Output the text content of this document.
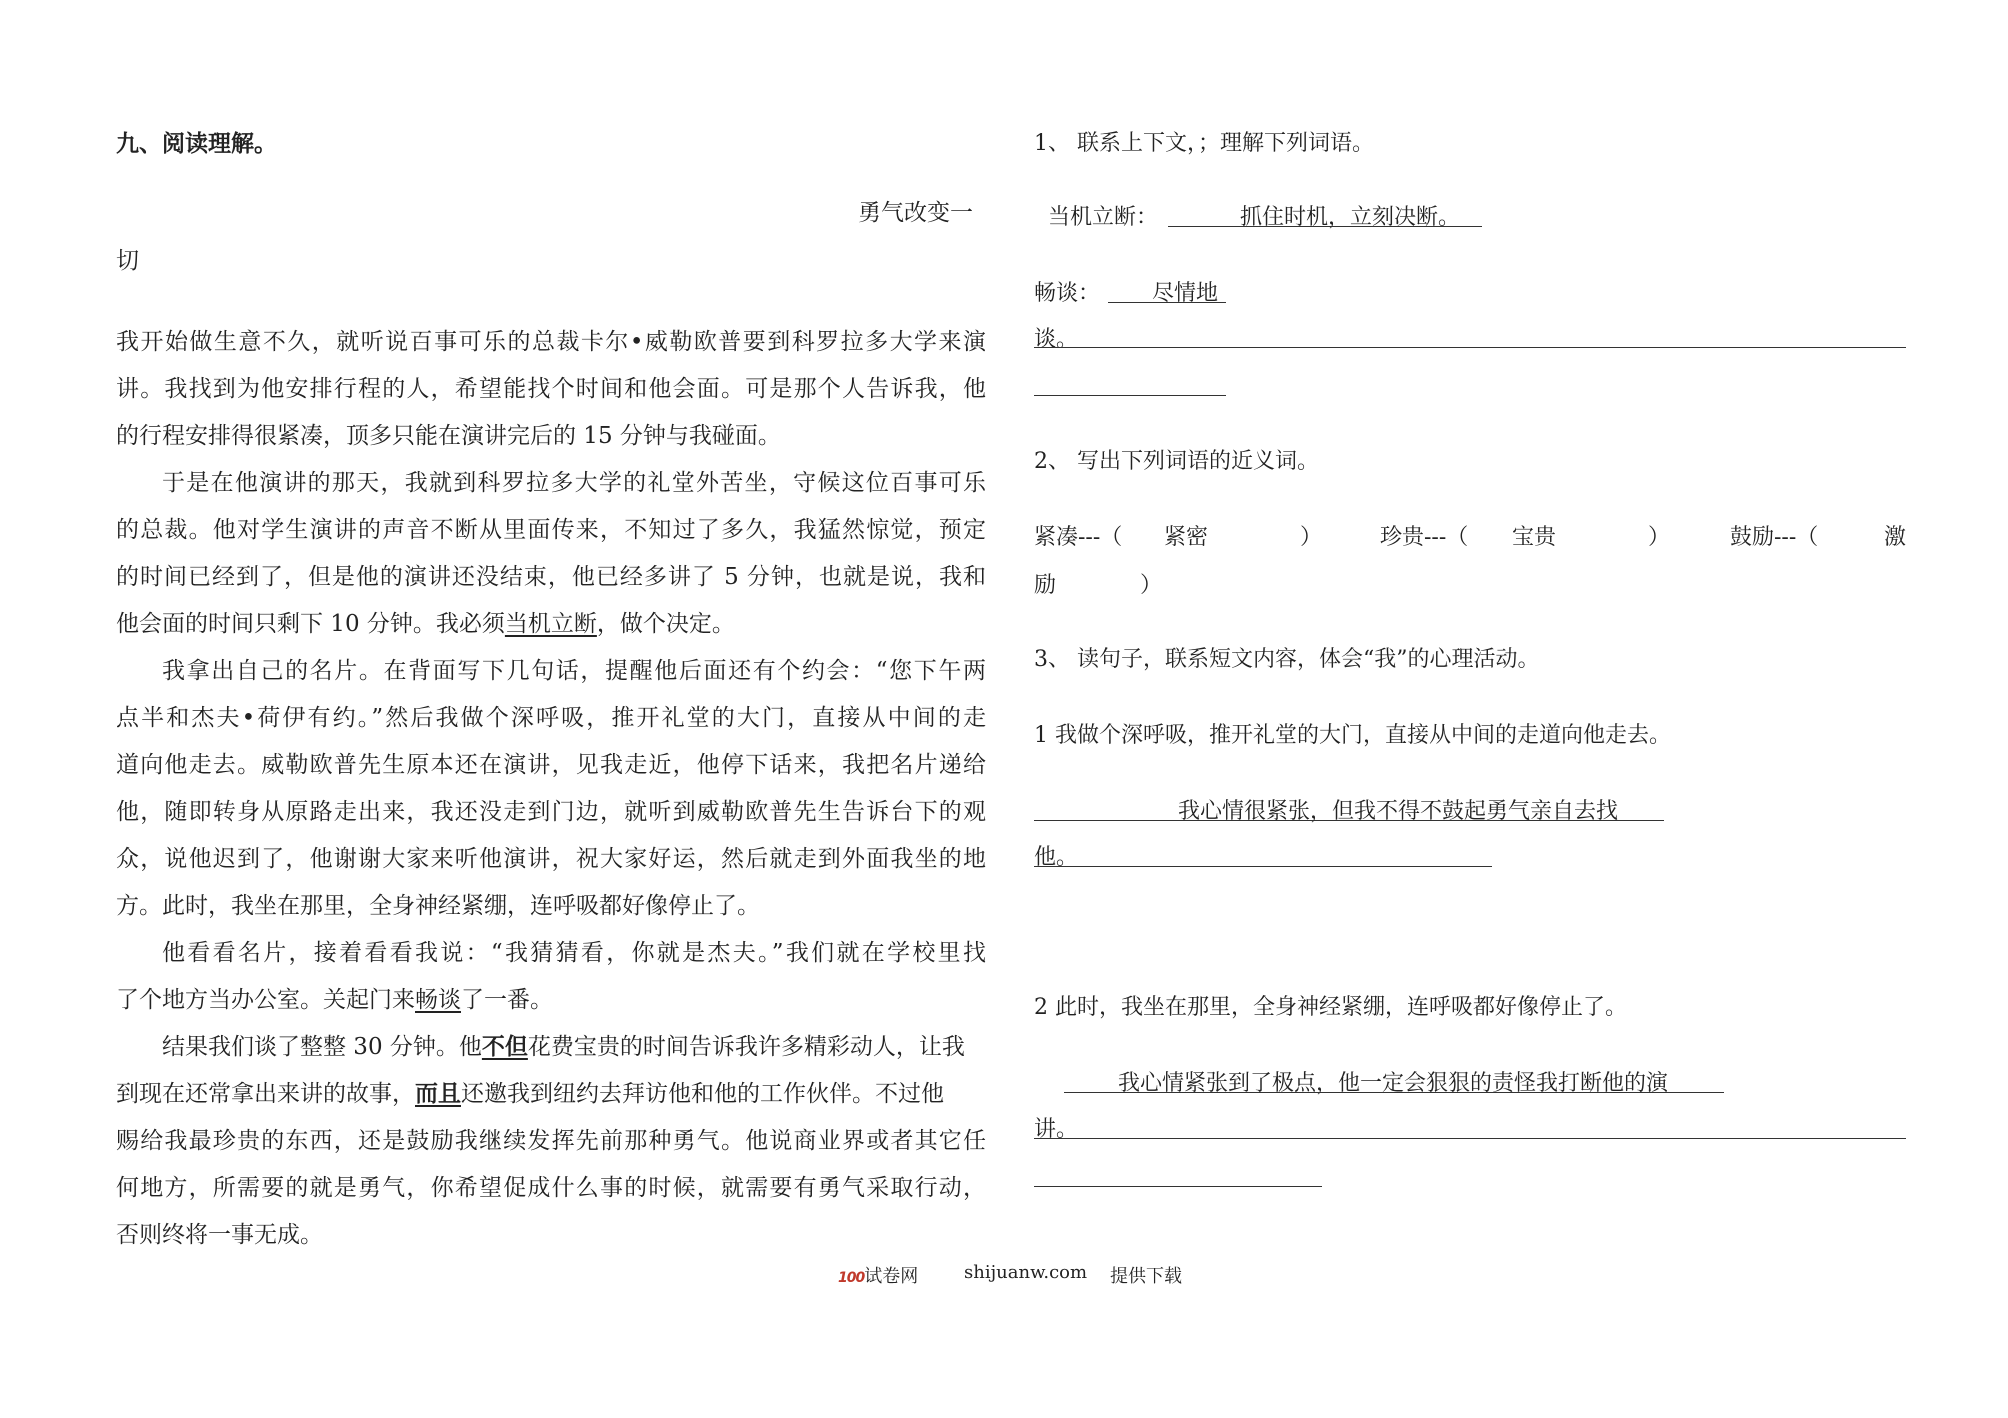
九、阅读理解。
勇气改变一
切
我开始做生意不久，就听说百事可乐的总裁卡尔•威勒欧普要到科罗拉多大学来演
讲。我找到为他安排行程的人，希望能找个时间和他会面。可是那个人告诉我，他
的行程安排得很紧凑，顶多只能在演讲完后的 15 分钟与我碰面。
于是在他演讲的那天，我就到科罗拉多大学的礼堂外苦坐，守候这位百事可乐
的总裁。他对学生演讲的声音不断从里面传来，不知过了多久，我猛然惊觉，预定
的时间已经到了，但是他的演讲还没结束，他已经多讲了 5 分钟，也就是说，我和
他会面的时间只剩下 10 分钟。我必须当机立断，做个决定。
我拿出自己的名片。在背面写下几句话，提醒他后面还有个约会：“您下午两
点半和杰夫•荷伊有约。”然后我做个深呼吸，推开礼堂的大门，直接从中间的走
道向他走去。威勒欧普先生原本还在演讲，见我走近，他停下话来，我把名片递给
他，随即转身从原路走出来，我还没走到门边，就听到威勒欧普先生告诉台下的观
众，说他迟到了，他谢谢大家来听他演讲，祝大家好运，然后就走到外面我坐的地
方。此时，我坐在那里，全身神经紧绷，连呼吸都好像停止了。
他看看名片，接着看看我说：“我猜猜看，你就是杰夫。”我们就在学校里找
了个地方当办公室。关起门来畅谈了一番。
结果我们谈了整整 30 分钟。他不但花费宝贵的时间告诉我许多精彩动人，让我
到现在还常拿出来讲的故事，而且还邀我到纽约去拜访他和他的工作伙伴。不过他
赐给我最珍贵的东西，还是鼓励我继续发挥先前那种勇气。他说商业界或者其它任
何地方，所需要的就是勇气，你希望促成什么事的时候，就需要有勇气采取行动，
否则终将一事无成。
1、 联系上下文，；理解下列词语。
当机立断：	抓住时机，立刻决断。
畅谈： 尽情地
谈。
2、 写出下列词语的近义词。
紧凑---（ 紧密	）	珍贵---（ 宝贵	）	鼓励---（	激
励	）
3、 读句子，联系短文内容，体会“我”的心理活动。
1 我做个深呼吸，推开礼堂的大门，直接从中间的走道向他走去。
我心情很紧张，但我不得不鼓起勇气亲自去找
他。
2 此时，我坐在那里，全身神经紧绷，连呼吸都好像停止了。
我心情紧张到了极点，他一定会狠狠的责怪我打断他的演
讲。
100试卷网	shijuanw.com 提供下载
